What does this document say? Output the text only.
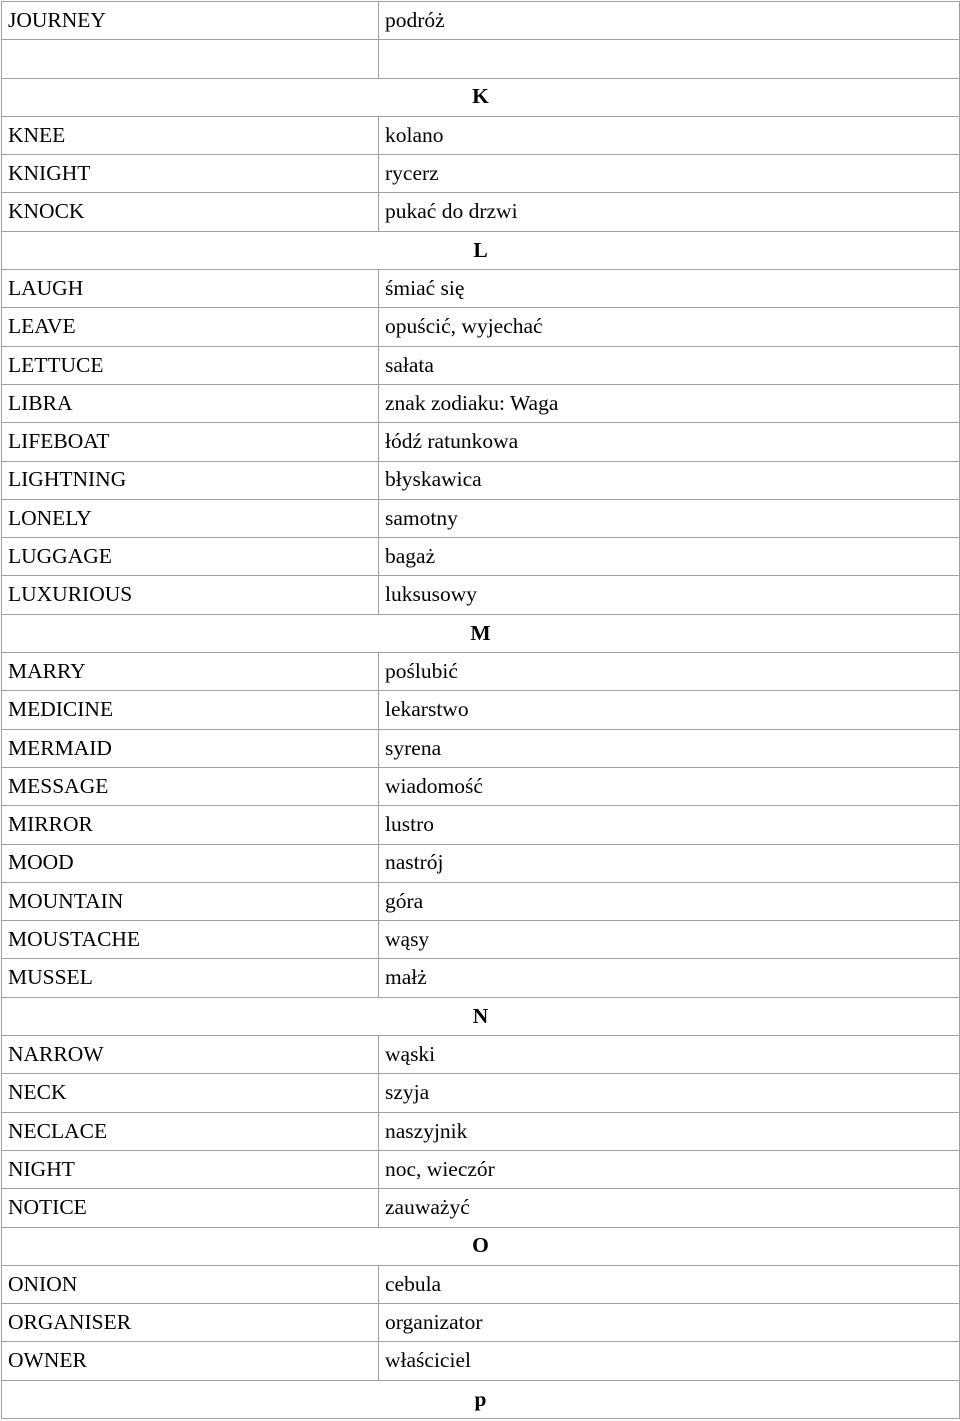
JOURNEY	podróż

K	
KNEE	kolano
KNIGHT	rycerz
KNOCK	pukać do drzwi
L	
LAUGH	śmiać się
LEAVE	opuścić, wyjechać
LETTUCE	sałata
LIBRA	znak zodiaku: Waga
LIFEBOAT	łódź ratunkowa
LIGHTNING	błyskawica
LONELY	samotny
LUGGAGE	bagaż
LUXURIOUS	luksusowy
M	
MARRY	poślubić
MEDICINE	lekarstwo
MERMAID	syrena
MESSAGE	wiadomość
MIRROR	lustro
MOOD	nastrój
MOUNTAIN	góra
MOUSTACHE	wąsy
MUSSEL	małż
N	
NARROW	wąski
NECK	szyja
NECLACE	naszyjnik
NIGHT	noc, wieczór
NOTICE	zauważyć
O	
ONION	cebula
ORGANISER	organizator
OWNER	właściciel
p	
